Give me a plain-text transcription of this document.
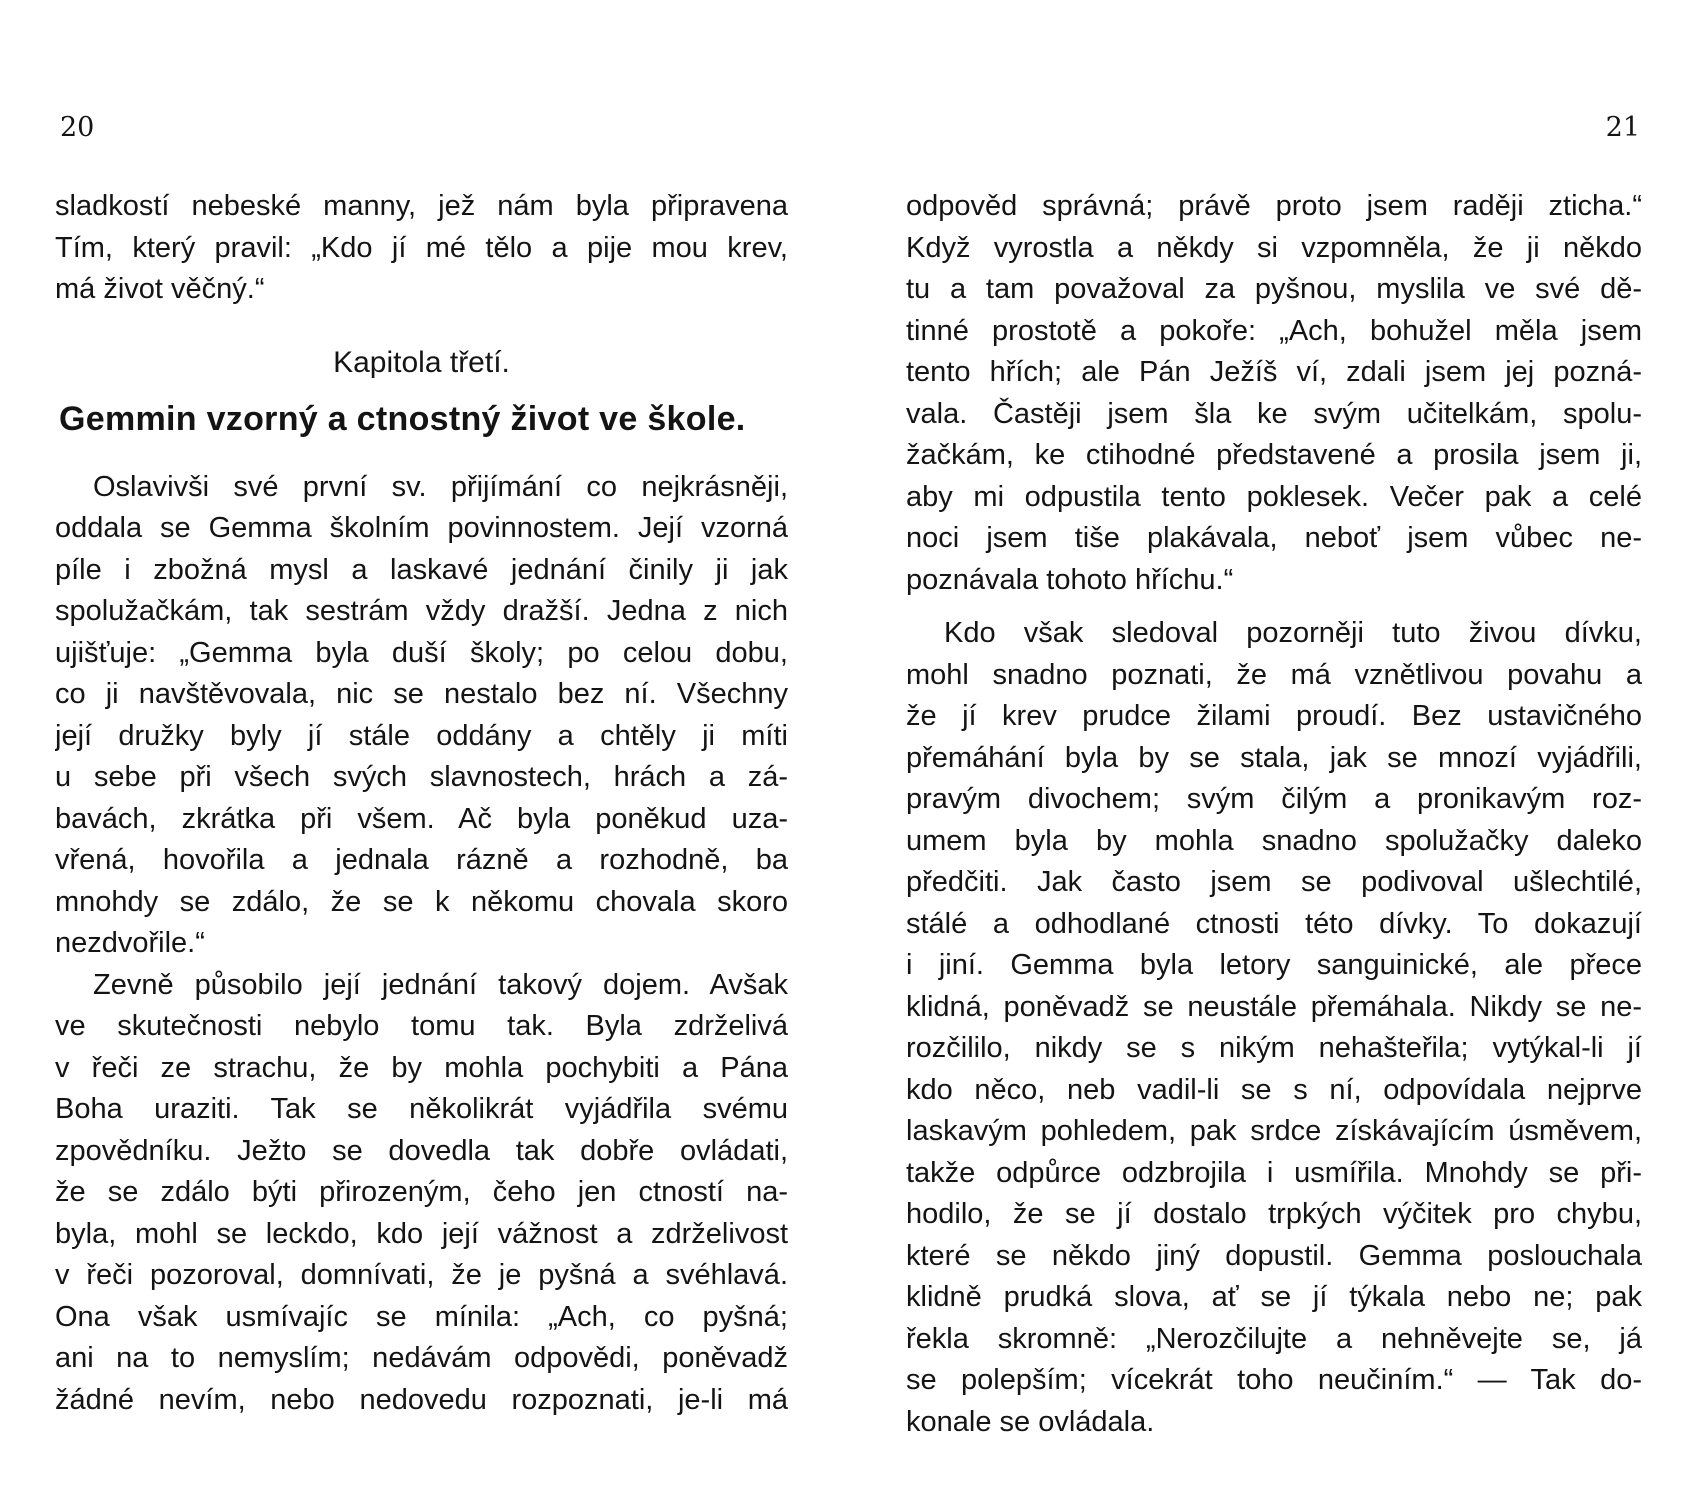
20
sladkostí nebeské manny, jež nám byla připravena
Tím, který pravil: „Kdo jí mé tělo a pije mou krev,
má život věčný.“
Kapitola třetí.
Gemmin vzorný a ctnostný život ve škole.
Oslavivši své první sv. přijímání co nejkrásněji,
oddala se Gemma školním povinnostem. Její vzorná
píle i zbožná mysl a laskavé jednání činily ji jak
spolužačkám, tak sestrám vždy dražší. Jedna z nich
ujišťuje: „Gemma byla duší školy; po celou dobu,
co ji navštěvovala, nic se nestalo bez ní. Všechny
její družky byly jí stále oddány a chtěly ji míti
u sebe při všech svých slavnostech, hrách a zá-
bavách, zkrátka při všem. Ač byla poněkud uza-
vřená, hovořila a jednala rázně a rozhodně, ba
mnohdy se zdálo, že se k někomu chovala skoro
nezdvořile.“
Zevně působilo její jednání takový dojem. Avšak
ve skutečnosti nebylo tomu tak. Byla zdrželivá
v řeči ze strachu, že by mohla pochybiti a Pána
Boha uraziti. Tak se několikrát vyjádřila svému
zpovědníku. Ježto se dovedla tak dobře ovládati,
že se zdálo býti přirozeným, čeho jen ctností na-
byla, mohl se leckdo, kdo její vážnost a zdrželivost
v řeči pozoroval, domnívati, že je pyšná a svéhlavá.
Ona však usmívajíc se mínila: „Ach, co pyšná;
ani na to nemyslím; nedávám odpovědi, poněvadž
žádné nevím, nebo nedovedu rozpoznati, je-li má
21
odpověd správná; právě proto jsem raději zticha.“
Když vyrostla a někdy si vzpomněla, že ji někdo
tu a tam považoval za pyšnou, myslila ve své dě-
tinné prostotě a pokoře: „Ach, bohužel měla jsem
tento hřích; ale Pán Ježíš ví, zdali jsem jej pozná-
vala. Častěji jsem šla ke svým učitelkám, spolu-
žačkám, ke ctihodné představené a prosila jsem ji,
aby mi odpustila tento poklesek. Večer pak a celé
noci jsem tiše plakávala, neboť jsem vůbec ne-
poznávala tohoto hříchu.“
Kdo však sledoval pozorněji tuto živou dívku,
mohl snadno poznati, že má vznětlivou povahu a
že jí krev prudce žilami proudí. Bez ustavičného
přemáhání byla by se stala, jak se mnozí vyjádřili,
pravým divochem; svým čilým a pronikavým roz-
umem byla by mohla snadno spolužačky daleko
předčiti. Jak často jsem se podivoval ušlechtilé,
stálé a odhodlané ctnosti této dívky. To dokazují
i jiní. Gemma byla letory sanguinické, ale přece
klidná, poněvadž se neustále přemáhala. Nikdy se ne-
rozčililo, nikdy se s nikým nehašteřila; vytýkal-li jí
kdo něco, neb vadil-li se s ní, odpovídala nejprve
laskavým pohledem, pak srdce získávajícím úsměvem,
takže odpůrce odzbrojila i usmířila. Mnohdy se při-
hodilo, že se jí dostalo trpkých výčitek pro chybu,
které se někdo jiný dopustil. Gemma poslouchala
klidně prudká slova, ať se jí týkala nebo ne; pak
řekla skromně: „Nerozčilujte a nehněvejte se, já
se polepším; vícekrát toho neučiním.“ — Tak do-
konale se ovládala.
